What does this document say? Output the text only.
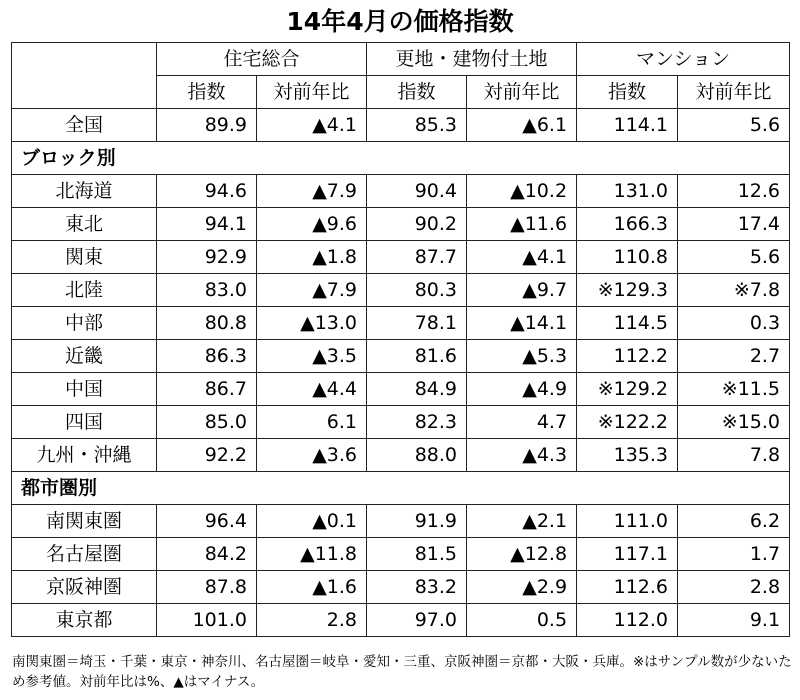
14年4月の価格指数
	住宅総合		更地・建物付土地		マンション	
	指数	対前年比	指数	対前年比	指数	対前年比
全国	89.9	▲4.1	85.3	▲6.1	114.1	5.6
ブロック別						
北海道	94.6	▲7.9	90.4	▲10.2	131.0	12.6
東北	94.1	▲9.6	90.2	▲11.6	166.3	17.4
関東	92.9	▲1.8	87.7	▲4.1	110.8	5.6
北陸	83.0	▲7.9	80.3	▲9.7	※129.3	※7.8
中部	80.8	▲13.0	78.1	▲14.1	114.5	0.3
近畿	86.3	▲3.5	81.6	▲5.3	112.2	2.7
中国	86.7	▲4.4	84.9	▲4.9	※129.2	※11.5
四国	85.0	6.1	82.3	4.7	※122.2	※15.0
九州・沖縄	92.2	▲3.6	88.0	▲4.3	135.3	7.8
都市圏別						
南関東圏	96.4	▲0.1	91.9	▲2.1	111.0	6.2
名古屋圏	84.2	▲11.8	81.5	▲12.8	117.1	1.7
京阪神圏	87.8	▲1.6	83.2	▲2.9	112.6	2.8
東京都	101.0	2.8	97.0	0.5	112.0	9.1
南関東圏＝埼玉・千葉・東京・神奈川、名古屋圏＝岐阜・愛知・三重、京阪神圏＝京都・大阪・兵庫。※はサンプル数が少ないため参考値。対前年比は%、▲はマイナス。
